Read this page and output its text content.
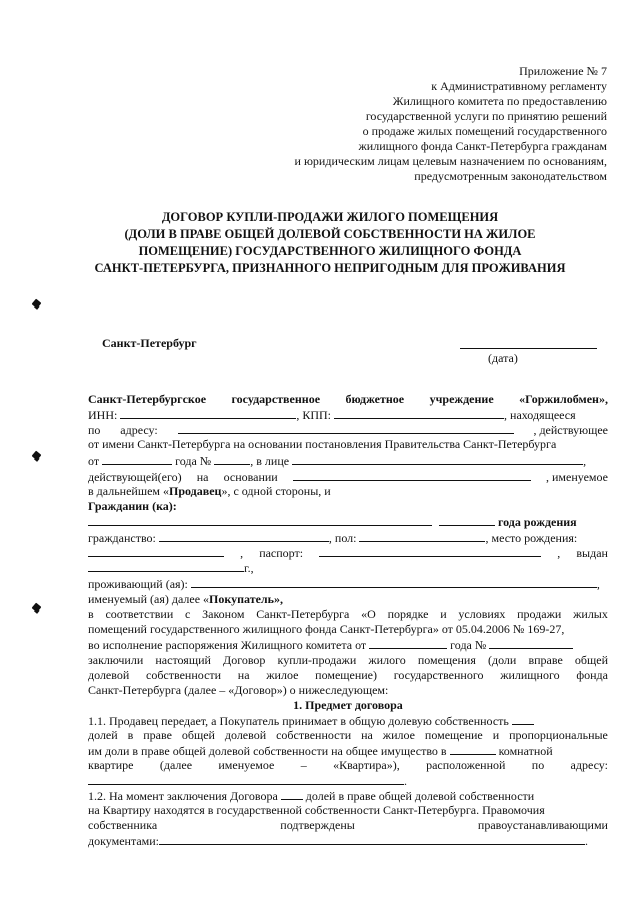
Приложение № 7
к Административному регламенту
Жилищного комитета по предоставлению
государственной услуги по принятию решений
о продаже жилых помещений государственного
жилищного фонда Санкт-Петербурга гражданам
и юридическим лицам целевым назначением по основаниям,
предусмотренным законодательством
ДОГОВОР КУПЛИ-ПРОДАЖИ ЖИЛОГО ПОМЕЩЕНИЯ
(ДОЛИ В ПРАВЕ ОБЩЕЙ ДОЛЕВОЙ СОБСТВЕННОСТИ НА ЖИЛОЕ
ПОМЕЩЕНИЕ) ГОСУДАРСТВЕННОГО ЖИЛИЩНОГО ФОНДА
САНКТ-ПЕТЕРБУРГА, ПРИЗНАННОГО НЕПРИГОДНЫМ ДЛЯ ПРОЖИВАНИЯ
Санкт-Петербург
(дата)
Санкт-Петербургское государственное бюджетное учреждение «Горжилобмен»,
ИНН:	, КПП:	, находящееся
по адресу:	, действующее
от имени Санкт-Петербурга на основании постановления Правительства Санкт-Петербурга
от	года №	, в лице	,
действующей(его) на основании	, именуемое
в дальнейшем «Продавец», с одной стороны, и
Гражданин (ка):
года рождения
гражданство:	, пол:	, место рождения:
, паспорт:	, выдан
г.,
проживающий (ая):	,
именуемый (ая) далее «Покупатель»,
в соответствии с Законом Санкт-Петербурга «О порядке и условиях продажи жилых
помещений государственного жилищного фонда Санкт-Петербурга» от 05.04.2006 № 169-27,
во исполнение распоряжения Жилищного комитета от	года №
заключили настоящий Договор купли-продажи жилого помещения (доли вправе общей
долевой собственности на жилое помещение) государственного жилищного фонда
Санкт-Петербурга (далее – «Договор») о нижеследующем:
1. Предмет договора
1.1. Продавец передает, а Покупатель принимает в общую долевую собственность
долей в праве общей долевой собственности на жилое помещение и пропорциональные
им доли в праве общей долевой собственности на общее имущество в	комнатной
квартире (далее именуемое – «Квартира»), расположенной по адресу:
.
1.2. На момент заключения Договора долей в праве общей долевой собственности
на Квартиру находятся в государственной собственности Санкт-Петербурга. Правомочия
собственника	подтверждены	правоустанавливающими
документами:	.
